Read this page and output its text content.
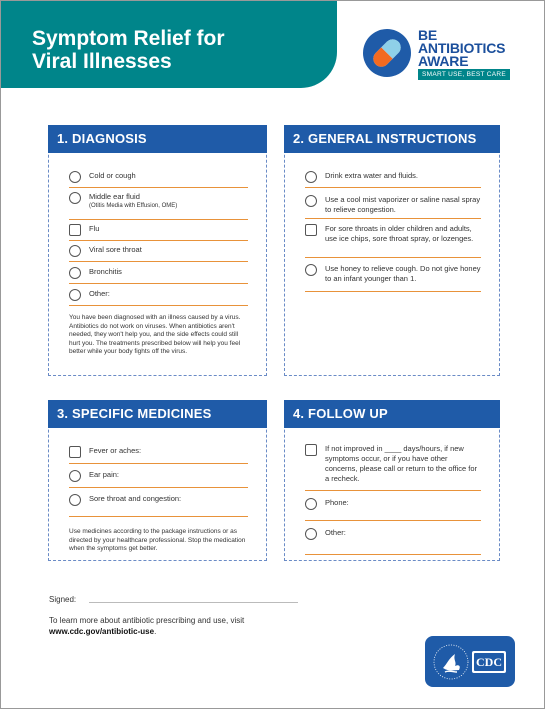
Symptom Relief for
Viral Illnesses
BE
ANTIBIOTICS
AWARE
SMART USE, BEST CARE
1. DIAGNOSIS
Cold or cough
Middle ear fluid
(Otitis Media with Effusion, OME)
Flu
Viral sore throat
Bronchitis
Other:
You have been diagnosed with an illness caused by a virus. Antibiotics do not work on viruses. When antibiotics aren't needed, they won't help you, and the side effects could still hurt you. The treatments prescribed below will help you feel better while your body fights off the virus.
2. GENERAL INSTRUCTIONS
Drink extra water and fluids.
Use a cool mist vaporizer or saline nasal spray to relieve congestion.
For sore throats in older children and adults, use ice chips, sore throat spray, or lozenges.
Use honey to relieve cough. Do not give honey to an infant younger than 1.
3. SPECIFIC MEDICINES
Fever or aches:
Ear pain:
Sore throat and congestion:
Use medicines according to the package instructions or as directed by your healthcare professional. Stop the medication when the symptoms get better.
4. FOLLOW UP
If not improved in ____ days/hours, if new symptoms occur, or if you have other concerns, please call or return to the office for a recheck.
Phone:
Other:
Signed:
To learn more about antibiotic prescribing and use, visit www.cdc.gov/antibiotic-use.
CDC
